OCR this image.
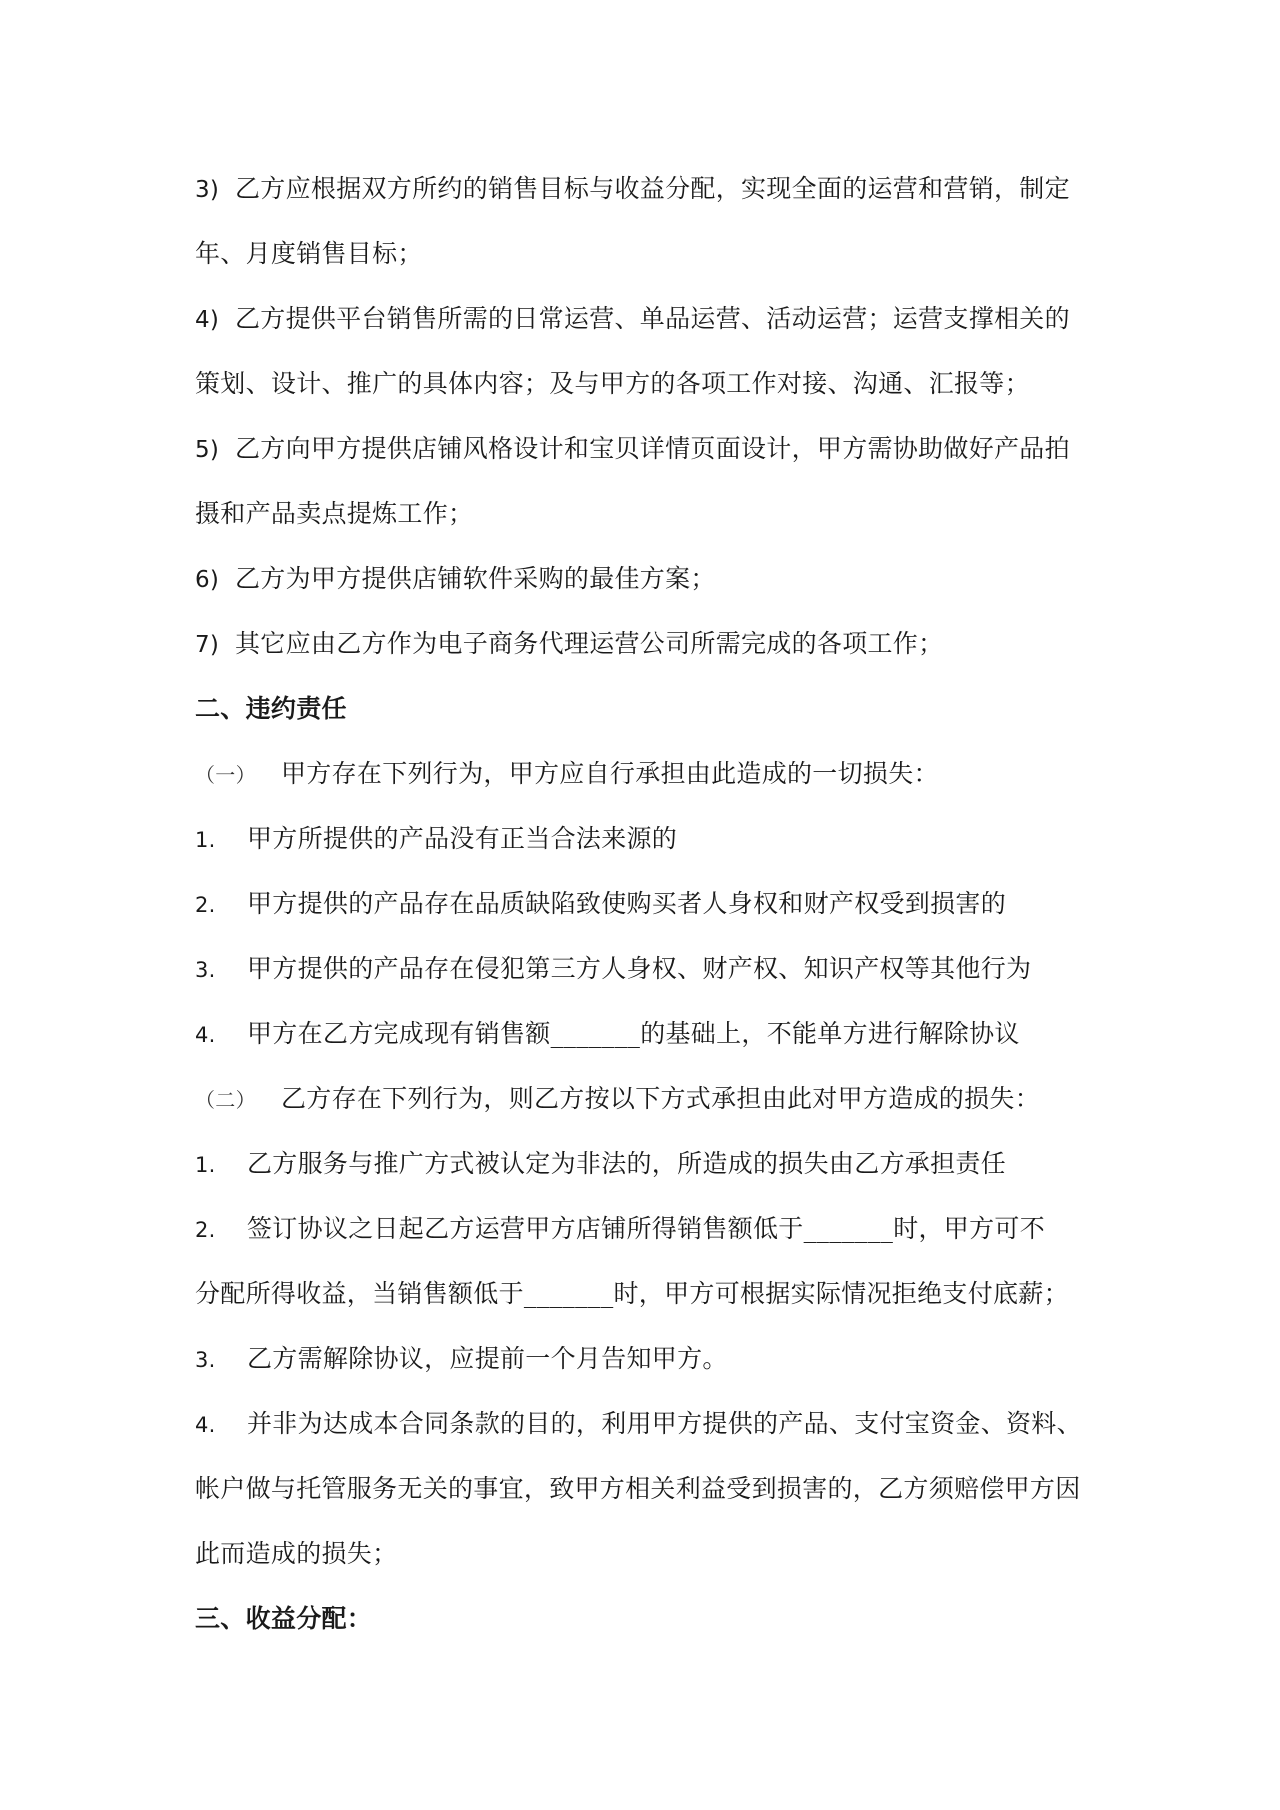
3) 乙方应根据双方所约的销售目标与收益分配，实现全面的运营和营销，制定
年、月度销售目标；
4) 乙方提供平台销售所需的日常运营、单品运营、活动运营；运营支撑相关的
策划、设计、推广的具体内容；及与甲方的各项工作对接、沟通、汇报等；
5) 乙方向甲方提供店铺风格设计和宝贝详情页面设计，甲方需协助做好产品拍
摄和产品卖点提炼工作；
6) 乙方为甲方提供店铺软件采购的最佳方案；
7) 其它应由乙方作为电子商务代理运营公司所需完成的各项工作；
二、违约责任
（一） 甲方存在下列行为，甲方应自行承担由此造成的一切损失：
1. 甲方所提供的产品没有正当合法来源的
2. 甲方提供的产品存在品质缺陷致使购买者人身权和财产权受到损害的
3. 甲方提供的产品存在侵犯第三方人身权、财产权、知识产权等其他行为
4. 甲方在乙方完成现有销售额_______的基础上，不能单方进行解除协议
（二） 乙方存在下列行为，则乙方按以下方式承担由此对甲方造成的损失：
1. 乙方服务与推广方式被认定为非法的，所造成的损失由乙方承担责任
2. 签订协议之日起乙方运营甲方店铺所得销售额低于_______时，甲方可不
分配所得收益，当销售额低于_______时，甲方可根据实际情况拒绝支付底薪；
3. 乙方需解除协议，应提前一个月告知甲方。
4. 并非为达成本合同条款的目的，利用甲方提供的产品、支付宝资金、资料、
帐户做与托管服务无关的事宜，致甲方相关利益受到损害的，乙方须赔偿甲方因
此而造成的损失；
三、收益分配：
